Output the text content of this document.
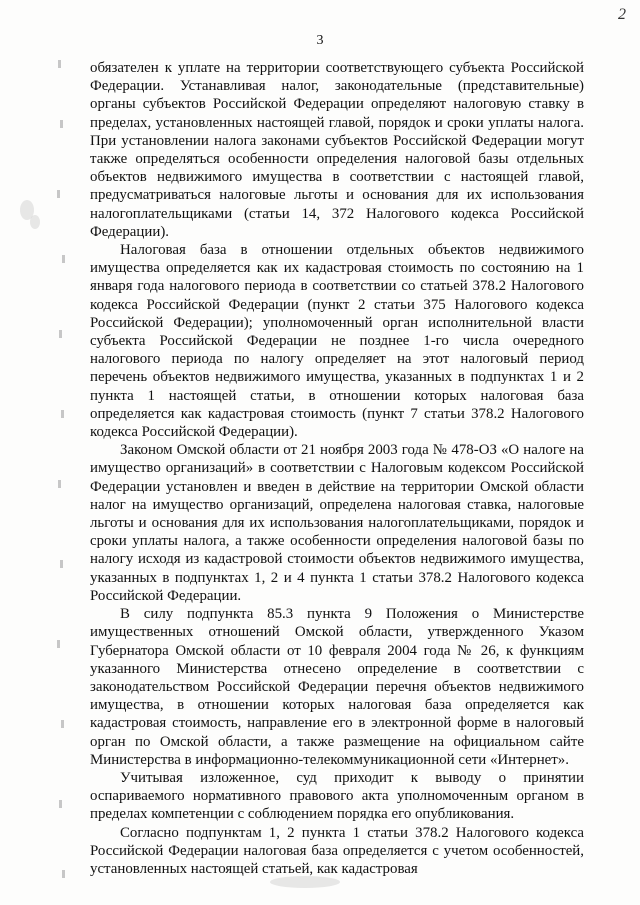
2
3

обязателен к уплате на территории соответствующего субъекта Российской Федерации. Устанавливая налог, законодательные (представительные) органы субъектов Российской Федерации определяют налоговую ставку в пределах, установленных настоящей главой, порядок и сроки уплаты налога. При установлении налога законами субъектов Российской Федерации могут также определяться особенности определения налоговой базы отдельных объектов недвижимого имущества в соответствии с настоящей главой, предусматриваться налоговые льготы и основания для их использования налогоплательщиками (статьи 14, 372 Налогового кодекса Российской Федерации).

Налоговая база в отношении отдельных объектов недвижимого имущества определяется как их кадастровая стоимость по состоянию на 1 января года налогового периода в соответствии со статьей 378.2 Налогового кодекса Российской Федерации (пункт 2 статьи 375 Налогового кодекса Российской Федерации); уполномоченный орган исполнительной власти субъекта Российской Федерации не позднее 1-го числа очередного налогового периода по налогу определяет на этот налоговый период перечень объектов недвижимого имущества, указанных в подпунктах 1 и 2 пункта 1 настоящей статьи, в отношении которых налоговая база определяется как кадастровая стоимость (пункт 7 статьи 378.2 Налогового кодекса Российской Федерации).

Законом Омской области от 21 ноября 2003 года № 478-ОЗ «О налоге на имущество организаций» в соответствии с Налоговым кодексом Российской Федерации установлен и введен в действие на территории Омской области налог на имущество организаций, определена налоговая ставка, налоговые льготы и основания для их использования налогоплательщиками, порядок и сроки уплаты налога, а также особенности определения налоговой базы по налогу исходя из кадастровой стоимости объектов недвижимого имущества, указанных в подпунктах 1, 2 и 4 пункта 1 статьи 378.2 Налогового кодекса Российской Федерации.

В силу подпункта 85.3 пункта 9 Положения о Министерстве имущественных отношений Омской области, утвержденного Указом Губернатора Омской области от 10 февраля 2004 года № 26, к функциям указанного Министерства отнесено определение в соответствии с законодательством Российской Федерации перечня объектов недвижимого имущества, в отношении которых налоговая база определяется как кадастровая стоимость, направление его в электронной форме в налоговый орган по Омской области, а также размещение на официальном сайте Министерства в информационно-телекоммуникационной сети «Интернет».

Учитывая изложенное, суд приходит к выводу о принятии оспариваемого нормативного правового акта уполномоченным органом в пределах компетенции с соблюдением порядка его опубликования.

Согласно подпунктам 1, 2 пункта 1 статьи 378.2 Налогового кодекса Российской Федерации налоговая база определяется с учетом особенностей, установленных настоящей статьей, как кадастровая
